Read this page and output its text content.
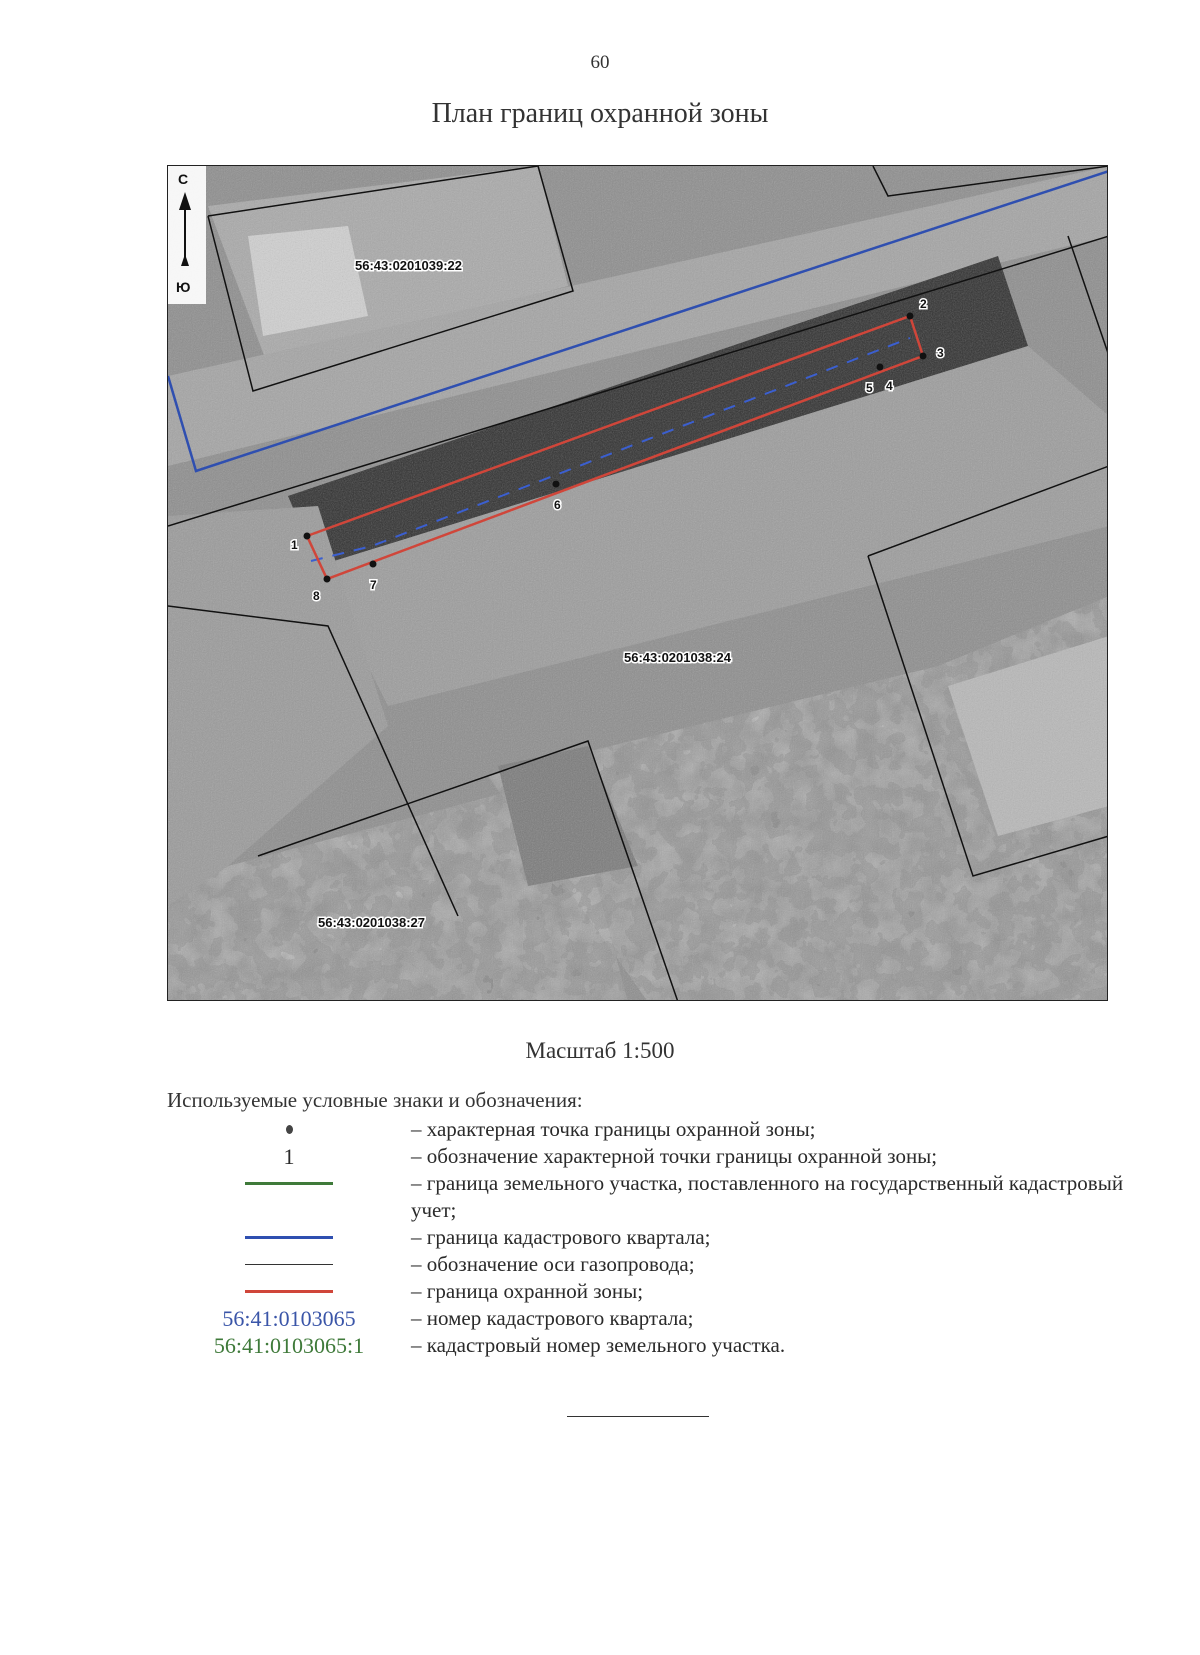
60
План границ охранной зоны
1
2
3
4
5
6
7
8
56:43:0201039:22
56:43:0201038:24
56:43:0201038:27
С
Ю
Масштаб 1:500
Используемые условные знаки и обозначения:
– характерная точка границы охранной зоны;
1	– обозначение характерной точки границы охранной зоны;
– граница земельного участка, поставленного на государственный кадастровый учет;
– граница кадастрового квартала;
– обозначение оси газопровода;
– граница охранной зоны;
56:41:0103065	– номер кадастрового квартала;
56:41:0103065:1 – кадастровый номер земельного участка.
